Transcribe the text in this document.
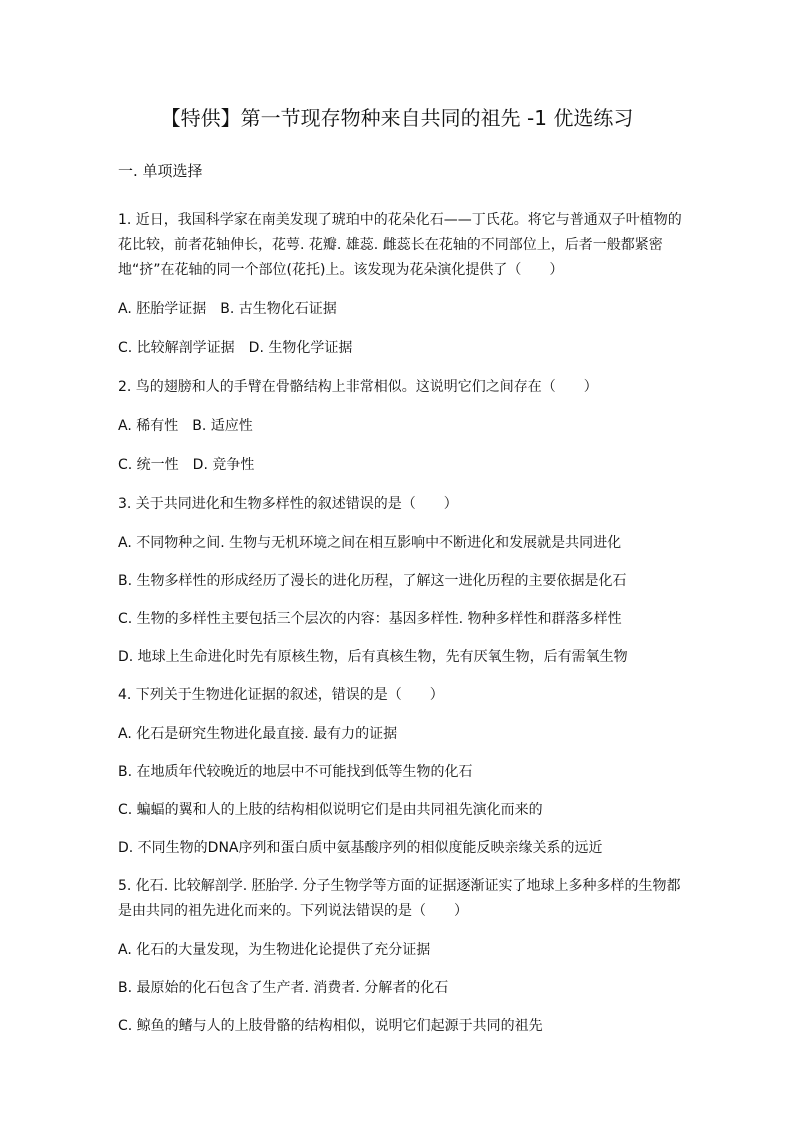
【特供】第一节现存物种来自共同的祖先 -1 优选练习
一. 单项选择

1. 近日，我国科学家在南美发现了琥珀中的花朵化石——丁氏花。将它与普通双子叶植物的花比较，前者花轴伸长，花萼. 花瓣. 雄蕊. 雌蕊长在花轴的不同部位上，后者一般都紧密地“挤”在花轴的同一个部位(花托)上。该发现为花朵演化提供了（　　）

A. 胚胎学证据　B. 古生物化石证据

C. 比较解剖学证据　D. 生物化学证据

2. 鸟的翅膀和人的手臂在骨骼结构上非常相似。这说明它们之间存在（　　）

A. 稀有性　B. 适应性

C. 统一性　D. 竞争性

3. 关于共同进化和生物多样性的叙述错误的是（　　）

A. 不同物种之间. 生物与无机环境之间在相互影响中不断进化和发展就是共同进化

B. 生物多样性的形成经历了漫长的进化历程，了解这一进化历程的主要依据是化石

C. 生物的多样性主要包括三个层次的内容：基因多样性. 物种多样性和群落多样性

D. 地球上生命进化时先有原核生物，后有真核生物，先有厌氧生物，后有需氧生物

4. 下列关于生物进化证据的叙述，错误的是（　　）

A. 化石是研究生物进化最直接. 最有力的证据

B. 在地质年代较晚近的地层中不可能找到低等生物的化石

C. 蝙蝠的翼和人的上肢的结构相似说明它们是由共同祖先演化而来的

D. 不同生物的DNA序列和蛋白质中氨基酸序列的相似度能反映亲缘关系的远近

5. 化石. 比较解剖学. 胚胎学. 分子生物学等方面的证据逐渐证实了地球上多种多样的生物都是由共同的祖先进化而来的。下列说法错误的是（　　）

A. 化石的大量发现，为生物进化论提供了充分证据

B. 最原始的化石包含了生产者. 消费者. 分解者的化石

C. 鲸鱼的鳍与人的上肢骨骼的结构相似，说明它们起源于共同的祖先
